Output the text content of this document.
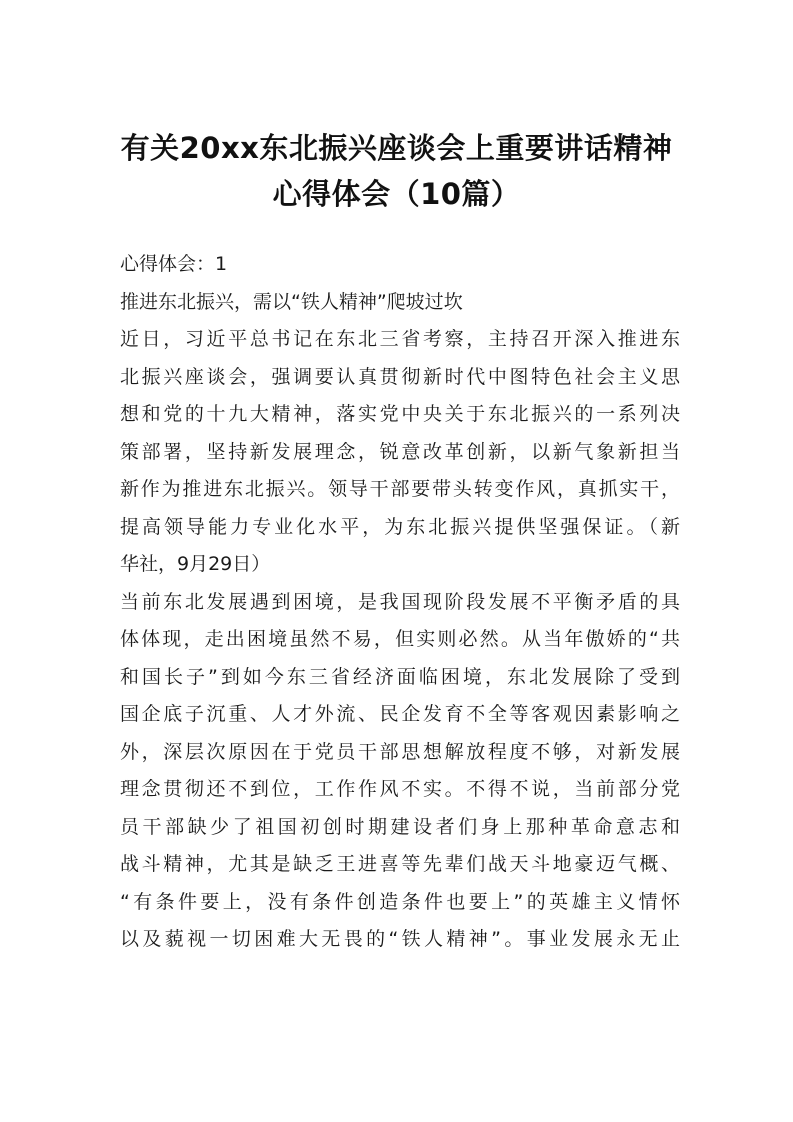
有关20xx东北振兴座谈会上重要讲话精神
心得体会（10篇）
心得体会：1
推进东北振兴，需以“铁人精神”爬坡过坎
近日，习近平总书记在东北三省考察，主持召开深入推进东
北振兴座谈会，强调要认真贯彻新时代中图特色社会主义思
想和党的十九大精神，落实党中央关于东北振兴的一系列决
策部署，坚持新发展理念，锐意改革创新，以新气象新担当
新作为推进东北振兴。领导干部要带头转变作风，真抓实干，
提高领导能力专业化水平，为东北振兴提供坚强保证。（新
华社，9月29日）
当前东北发展遇到困境，是我国现阶段发展不平衡矛盾的具
体体现，走出困境虽然不易，但实则必然。从当年傲娇的“共
和国长子”到如今东三省经济面临困境，东北发展除了受到
国企底子沉重、人才外流、民企发育不全等客观因素影响之
外，深层次原因在于党员干部思想解放程度不够，对新发展
理念贯彻还不到位，工作作风不实。不得不说，当前部分党
员干部缺少了祖国初创时期建设者们身上那种革命意志和
战斗精神，尤其是缺乏王进喜等先辈们战天斗地豪迈气概、
“有条件要上，没有条件创造条件也要上”的英雄主义情怀
以及藐视一切困难大无畏的“铁人精神”。事业发展永无止
